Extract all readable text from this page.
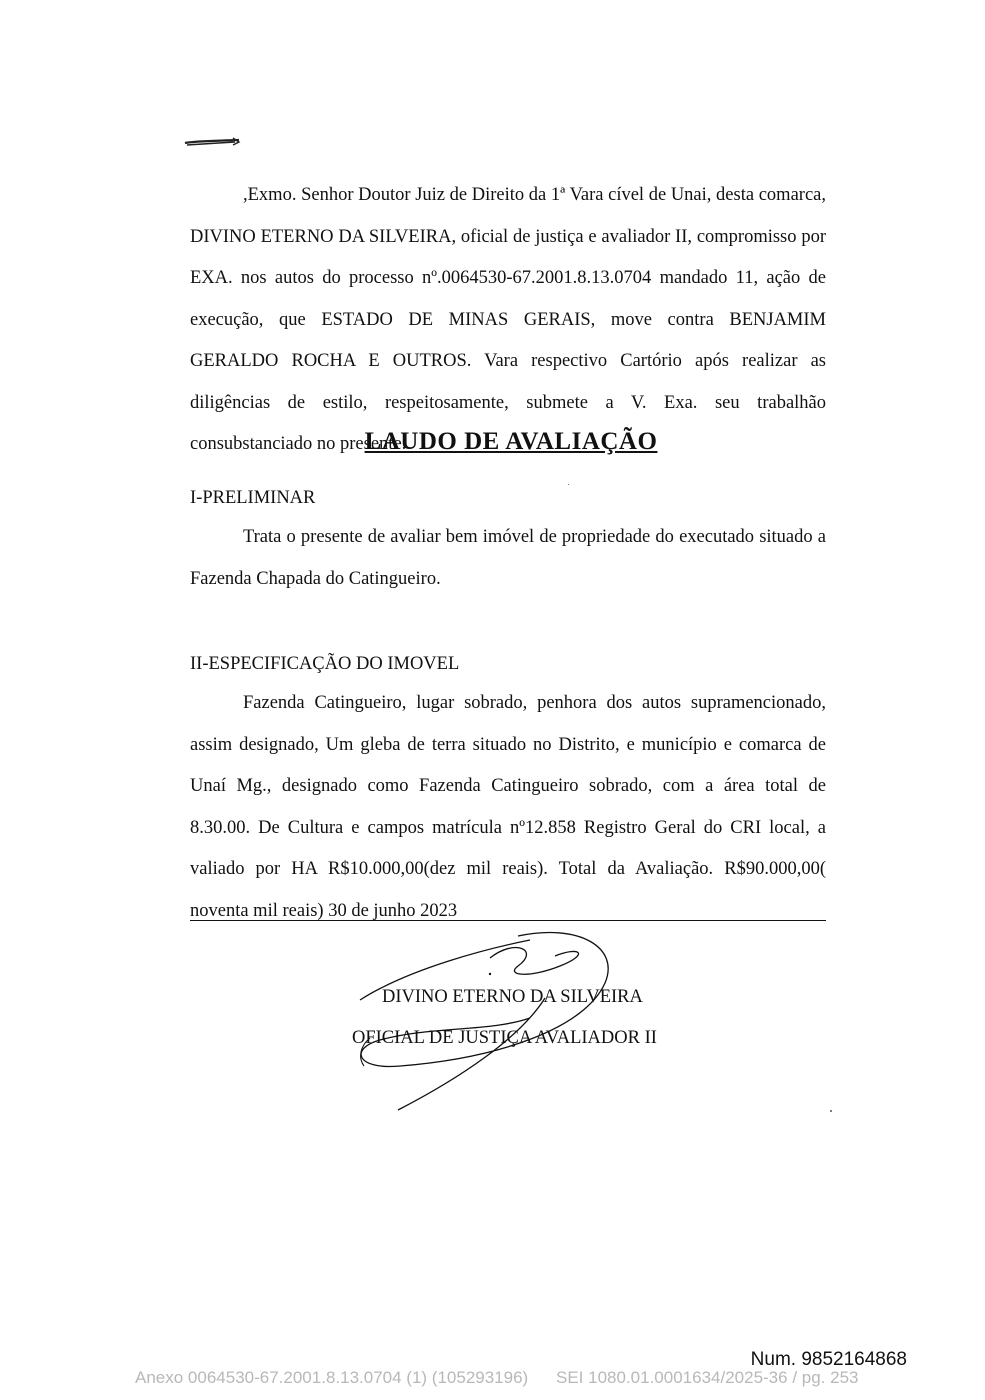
,Exmo. Senhor Doutor Juiz de Direito da 1ª Vara cível de Unai, desta comarca, DIVINO ETERNO DA SILVEIRA, oficial de justiça e avaliador II, compromisso por EXA. nos autos do processo nº.0064530-67.2001.8.13.0704 mandado 11, ação de execução, que ESTADO DE MINAS GERAIS, move contra BENJAMIM GERALDO ROCHA E OUTROS. Vara respectivo Cartório após realizar as diligências de estilo, respeitosamente, submete a V. Exa. seu trabalhão consubstanciado no presente.
LAUDO DE AVALIAÇÃO
I-PRELIMINAR
Trata o presente de avaliar bem imóvel de propriedade do executado situado a Fazenda Chapada do Catingueiro.
II-ESPECIFICAÇÃO DO IMOVEL
Fazenda Catingueiro, lugar sobrado, penhora dos autos supramencionado, assim designado, Um gleba de terra situado no Distrito, e município e comarca de Unaí Mg., designado como Fazenda Catingueiro sobrado, com a área total de 8.30.00. De Cultura e campos matrícula nº12.858 Registro Geral do CRI local, a valiado por HA R$10.000,00(dez mil reais). Total da Avaliação. R$90.000,00( noventa mil reais) 30 de junho 2023
DIVINO ETERNO DA SILVEIRA
OFICIAL DE JUSTIÇA AVALIADOR II
Num. 9852164868
Anexo 0064530-67.2001.8.13.0704 (1) (105293196) SEI 1080.01.0001634/2025-36 / pg. 253
